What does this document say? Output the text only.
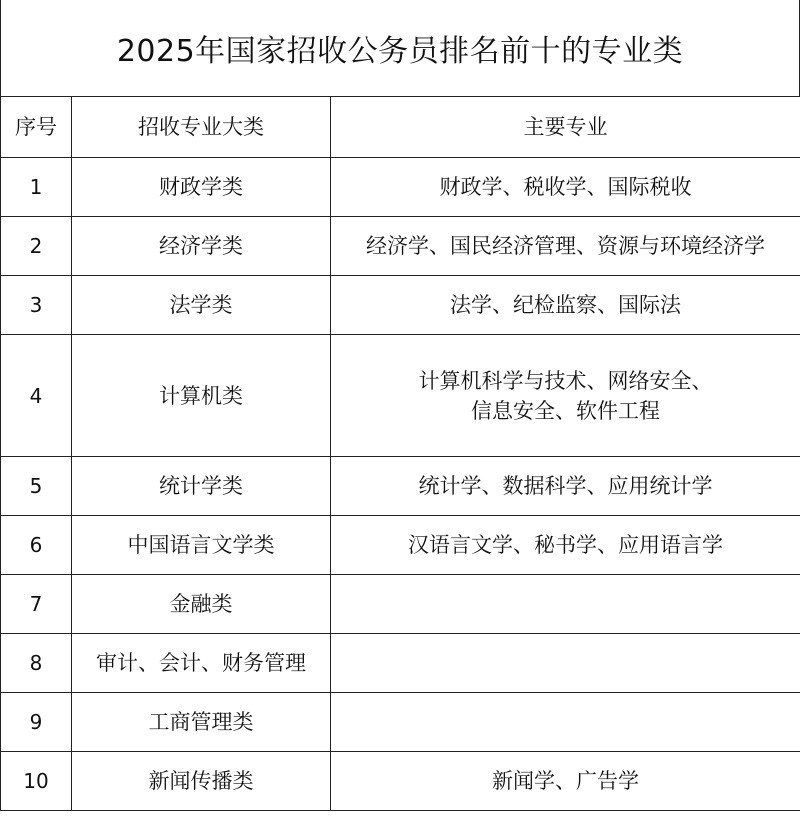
2025年国家招收公务员排名前十的专业类
序号	招收专业大类	主要专业
1	财政学类	财政学、税收学、国际税收
2	经济学类	经济学、国民经济管理、资源与环境经济学
3	法学类	法学、纪检监察、国际法
4	计算机类	计算机科学与技术、网络安全、
信息安全、软件工程
5	统计学类	统计学、数据科学、应用统计学
6	中国语言文学类	汉语言文学、秘书学、应用语言学
7	金融类	
8	审计、会计、财务管理	
9	工商管理类	
10	新闻传播类	新闻学、广告学
